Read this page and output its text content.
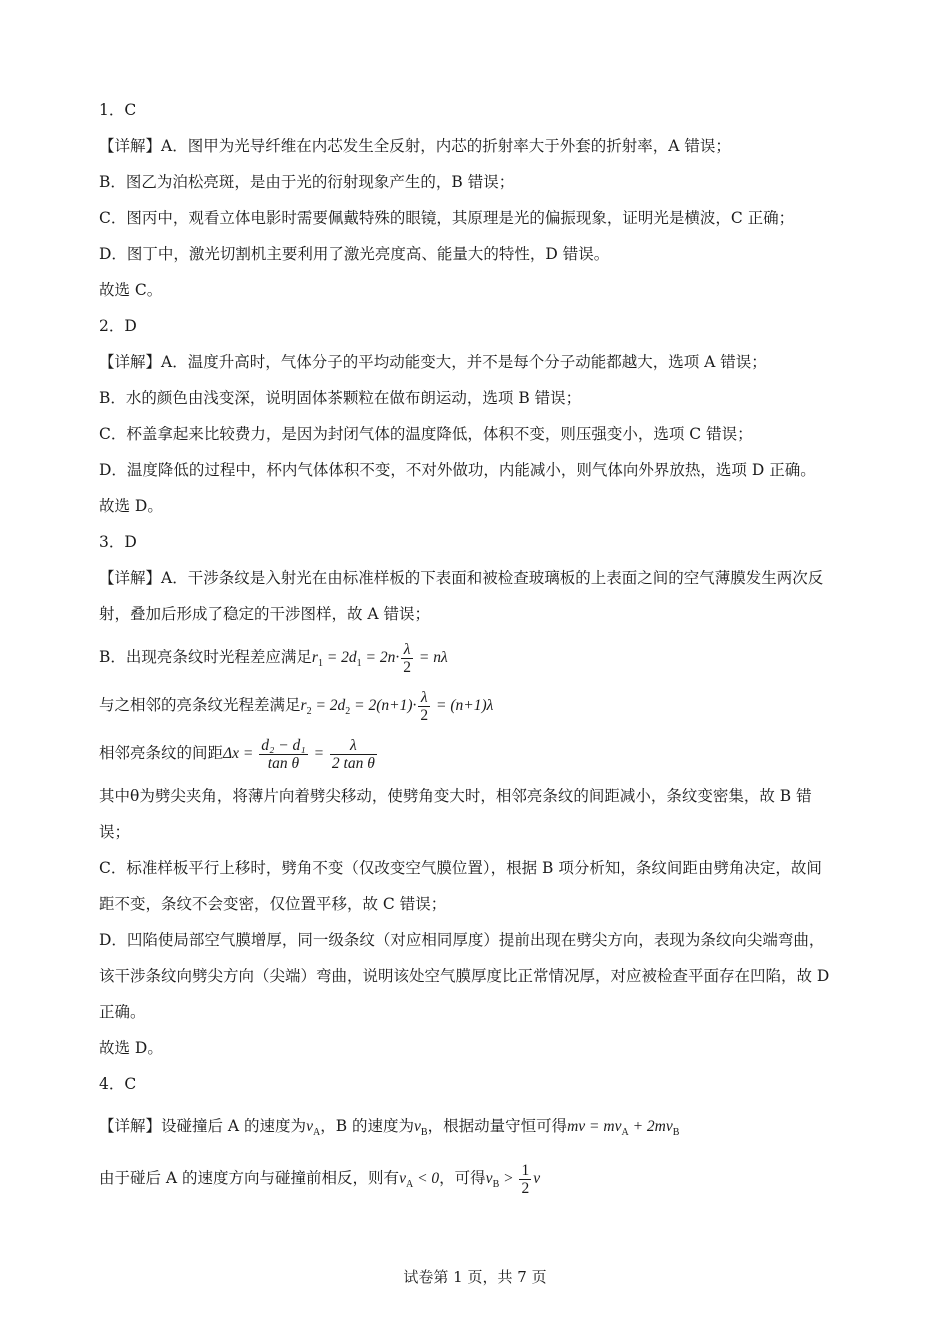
1．C
【详解】A．图甲为光导纤维在内芯发生全反射，内芯的折射率大于外套的折射率，A 错误；
B．图乙为泊松亮斑，是由于光的衍射现象产生的，B 错误；
C．图丙中，观看立体电影时需要佩戴特殊的眼镜，其原理是光的偏振现象，证明光是横波，C 正确；
D．图丁中，激光切割机主要利用了激光亮度高、能量大的特性，D 错误。
故选 C。
2．D
【详解】A．温度升高时，气体分子的平均动能变大，并不是每个分子动能都越大，选项 A 错误；
B．水的颜色由浅变深，说明固体茶颗粒在做布朗运动，选项 B 错误；
C．杯盖拿起来比较费力，是因为封闭气体的温度降低，体积不变，则压强变小，选项 C 错误；
D．温度降低的过程中，杯内气体体积不变，不对外做功，内能减小，则气体向外界放热，选项 D 正确。
故选 D。
3．D
【详解】A．干涉条纹是入射光在由标准样板的下表面和被检查玻璃板的上表面之间的空气薄膜发生两次反
射，叠加后形成了稳定的干涉图样，故 A 错误；
B．出现亮条纹时光程差应满足$r_1 = 2d_1 = 2n\cdot \frac{\lambda}{2} = n\lambda$
与之相邻的亮条纹光程差满足$r_2 = 2d_2 = 2(n+1)\cdot \frac{\lambda}{2} = (n+1)\lambda$
相邻亮条纹的间距$\Delta x = \frac{\text{d₂ − d₁}}{\text{tan θ}} = \frac{\lambda}{\text{2 tan θ}}$
其中θ为劈尖夹角，将薄片向着劈尖移动，使劈角变大时，相邻亮条纹的间距减小，条纹变密集，故 B 错
误；
C．标准样板平行上移时，劈角不变（仅改变空气膜位置），根据 B 项分析知，条纹间距由劈角决定，故间
距不变，条纹不会变密，仅位置平移，故 C 错误；
D．凹陷使局部空气膜增厚，同一级条纹（对应相同厚度）提前出现在劈尖方向，表现为条纹向尖端弯曲，
该干涉条纹向劈尖方向（尖端）弯曲，说明该处空气膜厚度比正常情况厚，对应被检查平面存在凹陷，故 D
正确。
故选 D。
4．C
【详解】设碰撞后 A 的速度为$v_A$，B 的速度为$v_B$，根据动量守恒可得mv = $mv_A + 2mv_B$
由于碰后 A 的速度方向与碰撞前相反，则有$v_A < 0$，可得$v_B > \frac{1}{2}$ v
试卷第 1 页，共 7 页
